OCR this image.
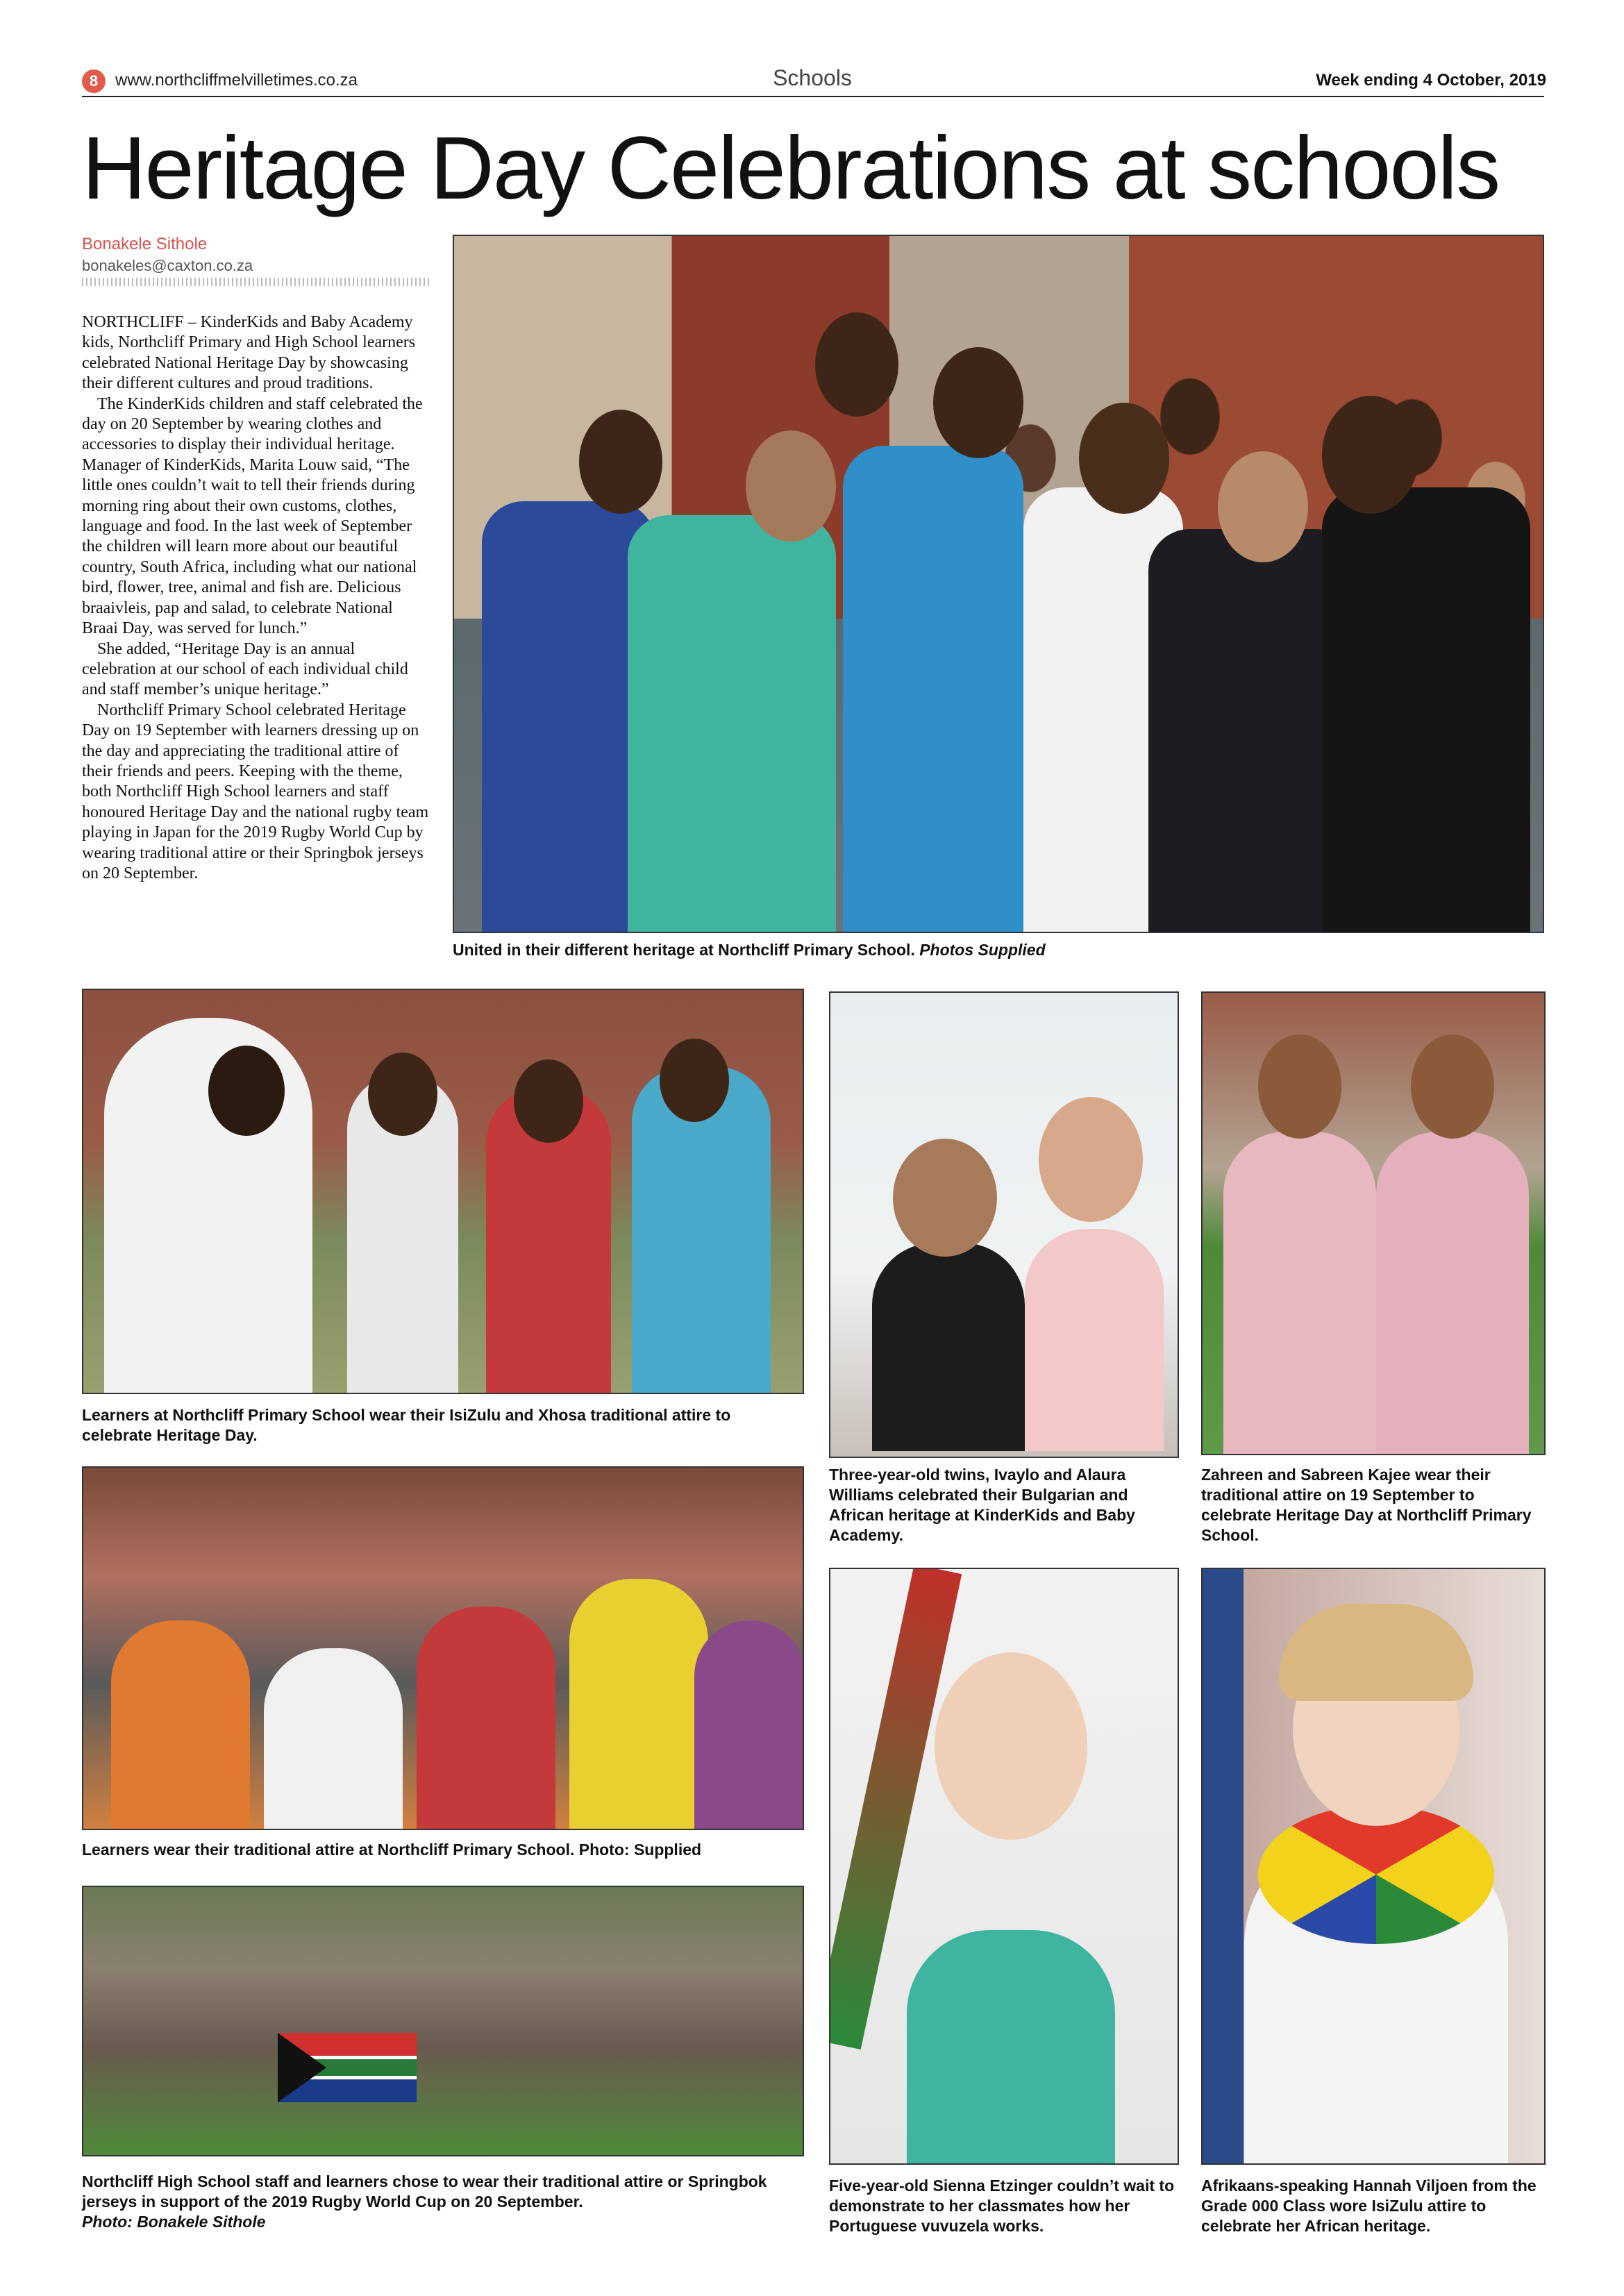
8	www.northcliffmelvilletimes.co.za	Schools	Week ending 4 October, 2019
Heritage Day Celebrations at schools
Bonakele Sithole
bonakeles@caxton.co.za

NORTHCLIFF – KinderKids and Baby Academy kids, Northcliff Primary and High School learners celebrated National Heritage Day by showcasing their different cultures and proud traditions.

The KinderKids children and staff celebrated the day on 20 September by wearing clothes and accessories to display their individual heritage. Manager of KinderKids, Marita Louw said, “The little ones couldn’t wait to tell their friends during morning ring about their own customs, clothes, language and food. In the last week of September the children will learn more about our beautiful country, South Africa, including what our national bird, flower, tree, animal and fish are. Delicious braaivleis, pap and salad, to celebrate National Braai Day, was served for lunch.”

She added, “Heritage Day is an annual celebration at our school of each individual child and staff member’s unique heritage.”

Northcliff Primary School celebrated Heritage Day on 19 September with learners dressing up on the day and appreciating the traditional attire of their friends and peers. Keeping with the theme, both Northcliff High School learners and staff honoured Heritage Day and the national rugby team playing in Japan for the 2019 Rugby World Cup by wearing traditional attire or their Springbok jerseys on 20 September.

United in their different heritage at Northcliff Primary School. Photos Supplied
Learners at Northcliff Primary School wear their IsiZulu and Xhosa traditional attire to celebrate Heritage Day.
Learners wear their traditional attire at Northcliff Primary School. Photo: Supplied
Northcliff High School staff and learners chose to wear their traditional attire or Springbok jerseys in support of the 2019 Rugby World Cup on 20 September.
Photo: Bonakele Sithole
Three-year-old twins, Ivaylo and Alaura Williams celebrated their Bulgarian and African heritage at KinderKids and Baby Academy.
Zahreen and Sabreen Kajee wear their traditional attire on 19 September to celebrate Heritage Day at Northcliff Primary School.
Five-year-old Sienna Etzinger couldn’t wait to demonstrate to her classmates how her Portuguese vuvuzela works.
Afrikaans-speaking Hannah Viljoen from the Grade 000 Class wore IsiZulu attire to celebrate her African heritage.
